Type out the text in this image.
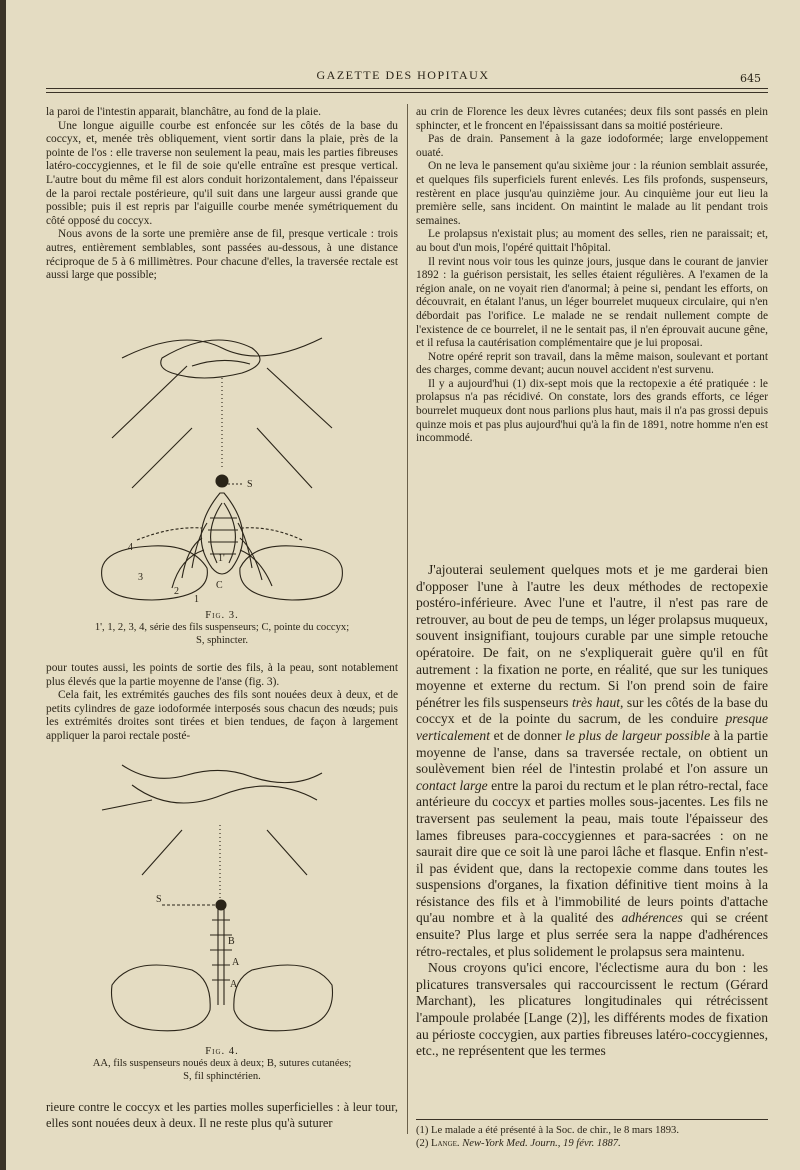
GAZETTE DES HOPITAUX	645

la paroi de l'intestin apparait, blanchâtre, au fond de la plaie.

Une longue aiguille courbe est enfoncée sur les côtés de la base du coccyx, et, menée très obliquement, vient sortir dans la plaie, près de la pointe de l'os : elle traverse non seulement la peau, mais les parties fibreuses latéro-coccygiennes, et le fil de soie qu'elle entraîne est presque vertical. L'autre bout du même fil est alors conduit horizontalement, dans l'épaisseur de la paroi rectale postérieure, qu'il suit dans une largeur aussi grande que possible; puis il est repris par l'aiguille courbe menée symétriquement du côté opposé du coccyx.

Nous avons de la sorte une première anse de fil, presque verticale : trois autres, entièrement semblables, sont passées au-dessous, à une distance réciproque de 5 à 6 millimètres. Pour chacune d'elles, la traversée rectale est aussi large que possible;

S
1'
1
2
3
4
C
Fig. 3.
1', 1, 2, 3, 4, série des fils suspenseurs; C, pointe du coccyx;
S, sphincter.

pour toutes aussi, les points de sortie des fils, à la peau, sont notablement plus élevés que la partie moyenne de l'anse (fig. 3).

Cela fait, les extrémités gauches des fils sont nouées deux à deux, et de petits cylindres de gaze iodoformée interposés sous chacun des nœuds; puis les extrémités droites sont tirées et bien tendues, de façon à largement appliquer la paroi rectale posté-

S
B
A
A
Fig. 4.
AA, fils suspenseurs noués deux à deux; B, sutures cutanées;
S, fil sphinctérien.

rieure contre le coccyx et les parties molles superficielles : à leur tour, elles sont nouées deux à deux. Il ne reste plus qu'à suturer

au crin de Florence les deux lèvres cutanées; deux fils sont passés en plein sphincter, et le froncent en l'épaississant dans sa moitié postérieure.

Pas de drain. Pansement à la gaze iodoformée; large enveloppement ouaté.

On ne leva le pansement qu'au sixième jour : la réunion semblait assurée, et quelques fils superficiels furent enlevés. Les fils profonds, suspenseurs, restèrent en place jusqu'au quinzième jour. Au cinquième jour eut lieu la première selle, sans incident. On maintint le malade au lit pendant trois semaines.

Le prolapsus n'existait plus; au moment des selles, rien ne paraissait; et, au bout d'un mois, l'opéré quittait l'hôpital.

Il revint nous voir tous les quinze jours, jusque dans le courant de janvier 1892 : la guérison persistait, les selles étaient régulières. A l'examen de la région anale, on ne voyait rien d'anormal; à peine si, pendant les efforts, on découvrait, en étalant l'anus, un léger bourrelet muqueux circulaire, qui n'en débordait pas l'orifice. Le malade ne se rendait nullement compte de l'existence de ce bourrelet, il ne le sentait pas, il n'en éprouvait aucune gêne, et il refusa la cautérisation complémentaire que je lui proposai.

Notre opéré reprit son travail, dans la même maison, soulevant et portant des charges, comme devant; aucun nouvel accident n'est survenu.

Il y a aujourd'hui (1) dix-sept mois que la rectopexie a été pratiquée : le prolapsus n'a pas récidivé. On constate, lors des grands efforts, ce léger bourrelet muqueux dont nous parlions plus haut, mais il n'a pas grossi depuis quinze mois et pas plus aujourd'hui qu'à la fin de 1891, notre homme n'en est incommodé.

J'ajouterai seulement quelques mots et je me garderai bien d'opposer l'une à l'autre les deux méthodes de rectopexie postéro-inférieure. Avec l'une et l'autre, il n'est pas rare de retrouver, au bout de peu de temps, un léger prolapsus muqueux, souvent insignifiant, toujours curable par une simple retouche opératoire. De fait, on ne s'expliquerait guère qu'il en fût autrement : la fixation ne porte, en réalité, que sur les tuniques moyenne et externe du rectum. Si l'on prend soin de faire pénétrer les fils suspenseurs très haut, sur les côtés de la base du coccyx et de la pointe du sacrum, de les conduire presque verticalement et de donner le plus de largeur possible à la partie moyenne de l'anse, dans sa traversée rectale, on obtient un soulèvement bien réel de l'intestin prolabé et l'on assure un contact large entre la paroi du rectum et le plan rétro-rectal, face antérieure du coccyx et parties molles sous-jacentes. Les fils ne traversent pas seulement la peau, mais toute l'épaisseur des lames fibreuses para-coccygiennes et para-sacrées : on ne saurait dire que ce soit là une paroi lâche et flasque. Enfin n'est-il pas évident que, dans la rectopexie comme dans toutes les suspensions d'organes, la fixation définitive tient moins à la résistance des fils et à l'immobilité de leurs points d'attache qu'au nombre et à la qualité des adhérences qui se créent ensuite? Plus large et plus serrée sera la nappe d'adhérences rétro-rectales, et plus solidement le prolapsus sera maintenu.

Nous croyons qu'ici encore, l'éclectisme aura du bon : les plicatures transversales qui raccourcissent le rectum (Gérard Marchant), les plicatures longitudinales qui rétrécissent l'ampoule prolabée [Lange (2)], les différents modes de fixation au périoste coccygien, aux parties fibreuses latéro-coccygiennes, etc., ne représentent que les termes

(1) Le malade a été présenté à la Soc. de chir., le 8 mars 1893.
(2) Lange. New-York Med. Journ., 19 févr. 1887.
